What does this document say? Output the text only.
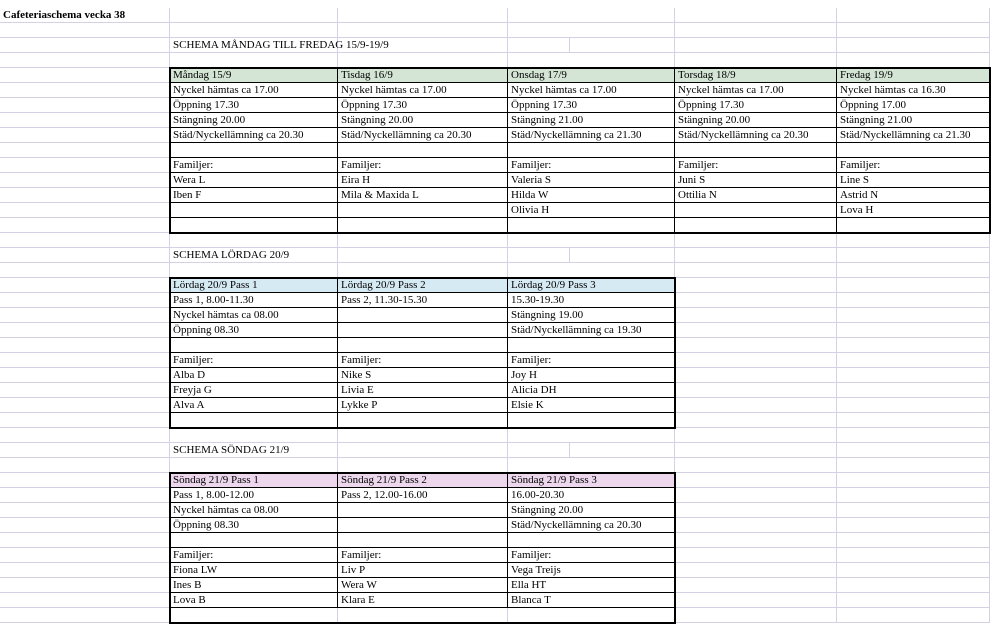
Cafeteriaschema vecka 38
SCHEMA MÅNDAG TILL FREDAG 15/9-19/9
Måndag 15/9
Nyckel hämtas ca 17.00
Öppning 17.30
Stängning 20.00
Städ/Nyckellämning ca 20.30
Familjer:
Wera L
Iben F
Tisdag 16/9
Nyckel hämtas ca 17.00
Öppning 17.30
Stängning 20.00
Städ/Nyckellämning ca 20.30
Familjer:
Eira H
Mila & Maxida L
Onsdag 17/9
Nyckel hämtas ca 17.00
Öppning 17.30
Stängning 21.00
Städ/Nyckellämning ca 21.30
Familjer:
Valeria S
Hilda W
Olivia H
Torsdag 18/9
Nyckel hämtas ca 17.00
Öppning 17.30
Stängning 20.00
Städ/Nyckellämning ca 20.30
Familjer:
Juni S
Ottilia N
Fredag 19/9
Nyckel hämtas ca 16.30
Öppning 17.00
Stängning 21.00
Städ/Nyckellämning ca 21.30
Familjer:
Line S
Astrid N
Lova H
SCHEMA LÖRDAG 20/9
Lördag 20/9 Pass 1
Pass 1, 8.00-11.30
Nyckel hämtas ca 08.00
Öppning 08.30
Familjer:
Alba D
Freyja G
Alva A
Lördag 20/9 Pass 2
Pass 2, 11.30-15.30
Familjer:
Nike S
Livia E
Lykke P
Lördag 20/9 Pass 3
15.30-19.30
Stängning 19.00
Städ/Nyckellämning ca 19.30
Familjer:
Joy H
Alicia DH
Elsie K
SCHEMA SÖNDAG 21/9
Söndag 21/9 Pass 1
Pass 1, 8.00-12.00
Nyckel hämtas ca 08.00
Öppning 08.30
Familjer:
Fiona LW
Ines B
Lova B
Söndag 21/9 Pass 2
Pass 2, 12.00-16.00
Familjer:
Liv P
Wera W
Klara E
Söndag 21/9 Pass 3
16.00-20.30
Stängning 20.00
Städ/Nyckellämning ca 20.30
Familjer:
Vega Treijs
Ella HT
Blanca T
